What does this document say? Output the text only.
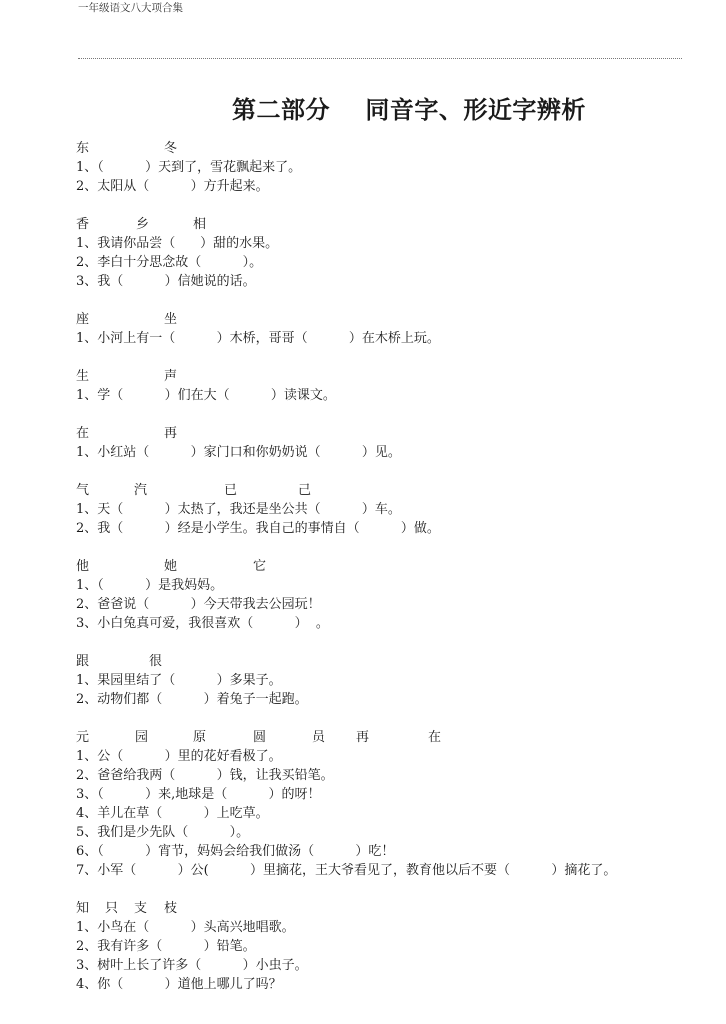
一年级语文八大项合集
第二部分    同音字、形近字辨析

东

	冬

1、（          ）天到了，雪花飘起来了。
2、太阳从（          ）方升起来。

香

	乡

	相

1、我请你品尝（      ）甜的水果。
2、李白十分思念故（          ）。
3、我（          ）信她说的话。

座

	坐

1、小河上有一（          ）木桥，哥哥（          ）在木桥上玩。

生

	声

1、学（          ）们在大（          ）读课文。

在

	再

1、小红站（          ）家门口和你奶奶说（          ）见。

气

	汽

	已

	己

1、天（          ）太热了，我还是坐公共（          ）车。
2、我（          ）经是小学生。我自己的事情自（          ）做。

他

	她

	它

1、（          ）是我妈妈。
2、爸爸说（          ）今天带我去公园玩！
3、小白兔真可爱，我很喜欢（          ）  。

跟

	很

1、果园里结了（          ）多果子。
2、动物们都（          ）着兔子一起跑。

元

	园

	原

	圆

	员

再

	在

1、公（          ）里的花好看极了。
2、爸爸给我两（          ）钱，让我买铅笔。
3、（          ）来,地球是（          ）的呀！
4、羊儿在草（          ）上吃草。
5、我们是少先队（          ）。
6、（          ）宵节，妈妈会给我们做汤（          ）吃！
7、小军（          ）公(          ）里摘花，王大爷看见了，教育他以后不要（          ）摘花了。

知

只

支

枝

1、小鸟在（          ）头高兴地唱歌。
2、我有许多（          ）铅笔。
3、树叶上长了许多（          ）小虫子。
4、你（          ）道他上哪儿了吗？
